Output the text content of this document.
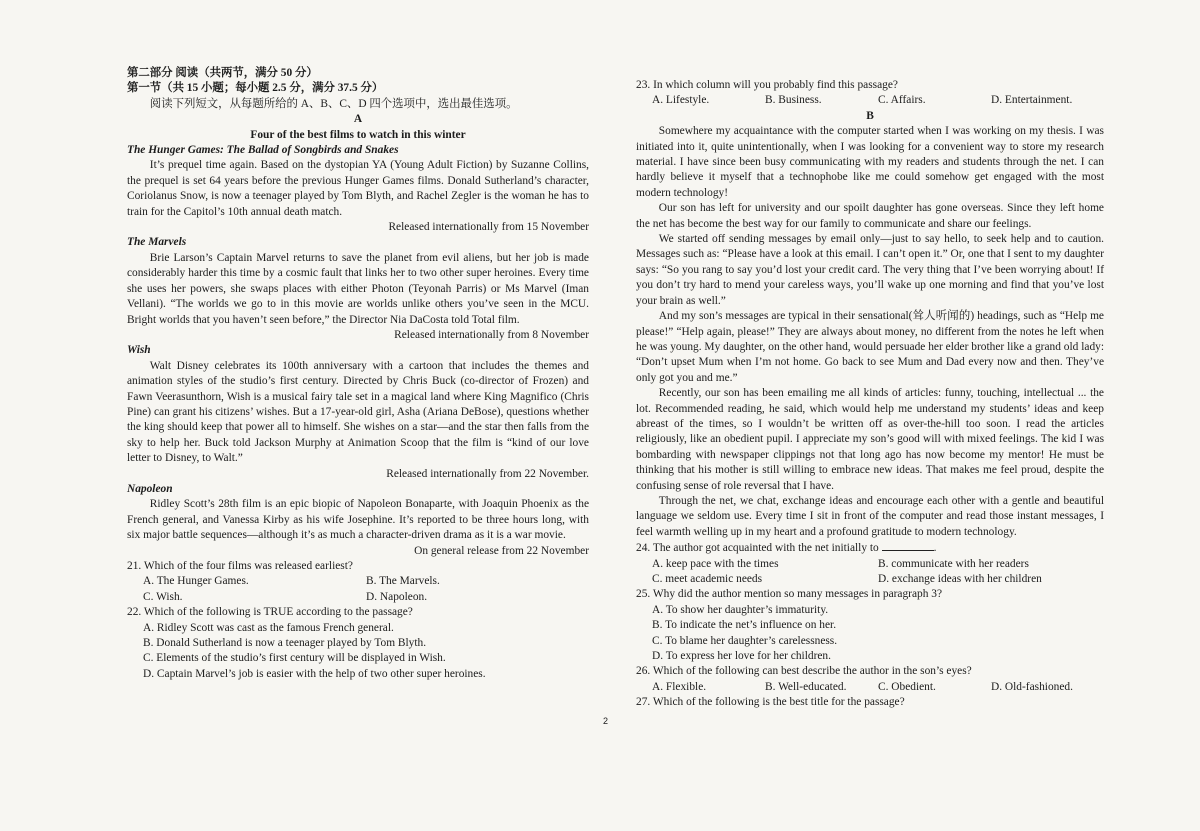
第二部分 阅读（共两节，满分 50 分）

第一节（共 15 小题；每小题 2.5 分，满分 37.5 分）

阅读下列短文，从每题所给的 A、B、C、D 四个选项中，选出最佳选项。

A

Four of the best films to watch in this winter

The Hunger Games: The Ballad of Songbirds and Snakes

It’s prequel time again. Based on the dystopian YA (Young Adult Fiction) by Suzanne Collins, the prequel is set 64 years before the previous Hunger Games films. Donald Sutherland’s character, Coriolanus Snow, is now a teenager played by Tom Blyth, and Rachel Zegler is the woman he has to train for the Capitol’s 10th annual death match.

Released internationally from 15 November

The Marvels

Brie Larson’s Captain Marvel returns to save the planet from evil aliens, but her job is made considerably harder this time by a cosmic fault that links her to two other super heroines. Every time she uses her powers, she swaps places with either Photon (Teyonah Parris) or Ms Marvel (Iman Vellani). “The worlds we go to in this movie are worlds unlike others you’ve seen in the MCU. Bright worlds that you haven’t seen before,” the Director Nia DaCosta told Total film.

Released internationally from 8 November

Wish

Walt Disney celebrates its 100th anniversary with a cartoon that includes the themes and animation styles of the studio’s first century. Directed by Chris Buck (co-director of Frozen) and Fawn Veerasunthorn, Wish is a musical fairy tale set in a magical land where King Magnifico (Chris Pine) can grant his citizens’ wishes. But a 17-year-old girl, Asha (Ariana DeBose), questions whether the king should keep that power all to himself. She wishes on a star—and the star then falls from the sky to help her. Buck told Jackson Murphy at Animation Scoop that the film is “kind of our love letter to Disney, to Walt.”

Released internationally from 22 November.

Napoleon

Ridley Scott’s 28th film is an epic biopic of Napoleon Bonaparte, with Joaquin Phoenix as the French general, and Vanessa Kirby as his wife Josephine. It’s reported to be three hours long, with six major battle sequences—although it’s as much a character-driven drama as it is a war movie.

On general release from 22 November

21. Which of the four films was released earliest?

A. The Hunger Games.	B. The Marvels.
C. Wish.	D. Napoleon.

22. Which of the following is TRUE according to the passage?

A. Ridley Scott was cast as the famous French general.
B. Donald Sutherland is now a teenager played by Tom Blyth.
C. Elements of the studio’s first century will be displayed in Wish.
D. Captain Marvel’s job is easier with the help of two other super heroines.

23. In which column will you probably find this passage?

A. Lifestyle.	B. Business.	C. Affairs.	D. Entertainment.

B

Somewhere my acquaintance with the computer started when I was working on my thesis. I was initiated into it, quite unintentionally, when I was looking for a convenient way to store my research material. I have since been busy communicating with my readers and students through the net. I can hardly believe it myself that a technophobe like me could somehow get engaged with the most modern technology!

Our son has left for university and our spoilt daughter has gone overseas. Since they left home the net has become the best way for our family to communicate and share our feelings.

We started off sending messages by email only—just to say hello, to seek help and to caution. Messages such as: “Please have a look at this email. I can’t open it.” Or, one that I sent to my daughter says: “So you rang to say you’d lost your credit card. The very thing that I’ve been worrying about! If you don’t try hard to mend your careless ways, you’ll wake up one morning and find that you’ve lost your brain as well.”

And my son’s messages are typical in their sensational(耸人听闻的) headings, such as “Help me please!” “Help again, please!” They are always about money, no different from the notes he left when he was young. My daughter, on the other hand, would persuade her elder brother like a grand old lady: “Don’t upset Mum when I’m not home. Go back to see Mum and Dad every now and then. They’ve only got you and me.”

Recently, our son has been emailing me all kinds of articles: funny, touching, intellectual ... the lot. Recommended reading, he said, which would help me understand my students’ ideas and keep abreast of the times, so I wouldn’t be written off as over-the-hill too soon. I read the articles religiously, like an obedient pupil. I appreciate my son’s good will with mixed feelings. The kid I was bombarding with newspaper clippings not that long ago has now become my mentor! He must be thinking that his mother is still willing to embrace new ideas. That makes me feel proud, despite the confusing sense of role reversal that I have.

Through the net, we chat, exchange ideas and encourage each other with a gentle and beautiful language we seldom use. Every time I sit in front of the computer and read those instant messages, I feel warmth welling up in my heart and a profound gratitude to modern technology.

24. The author got acquainted with the net initially to	.

A. keep pace with the times	B. communicate with her readers
C. meet academic needs	D. exchange ideas with her children

25. Why did the author mention so many messages in paragraph 3?

A. To show her daughter’s immaturity.
B. To indicate the net’s influence on her.
C. To blame her daughter’s carelessness.
D. To express her love for her children.

26. Which of the following can best describe the author in the son’s eyes?

A. Flexible.	B. Well-educated.	C. Obedient.	D. Old-fashioned.

27. Which of the following is the best title for the passage?

2
